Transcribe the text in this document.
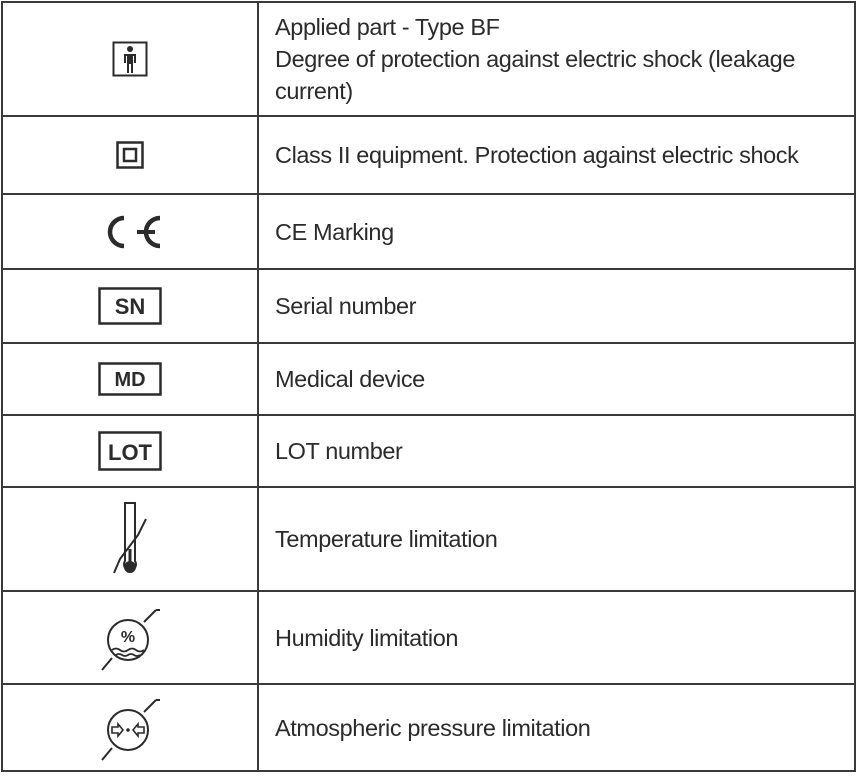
Applied part - Type BF
Degree of protection against electric shock (leakage
current)
Class II equipment. Protection against electric shock
CE Marking
SN	Serial number
MD	Medical device
LOT	LOT number
Temperature limitation
%	Humidity limitation
Atmospheric pressure limitation
